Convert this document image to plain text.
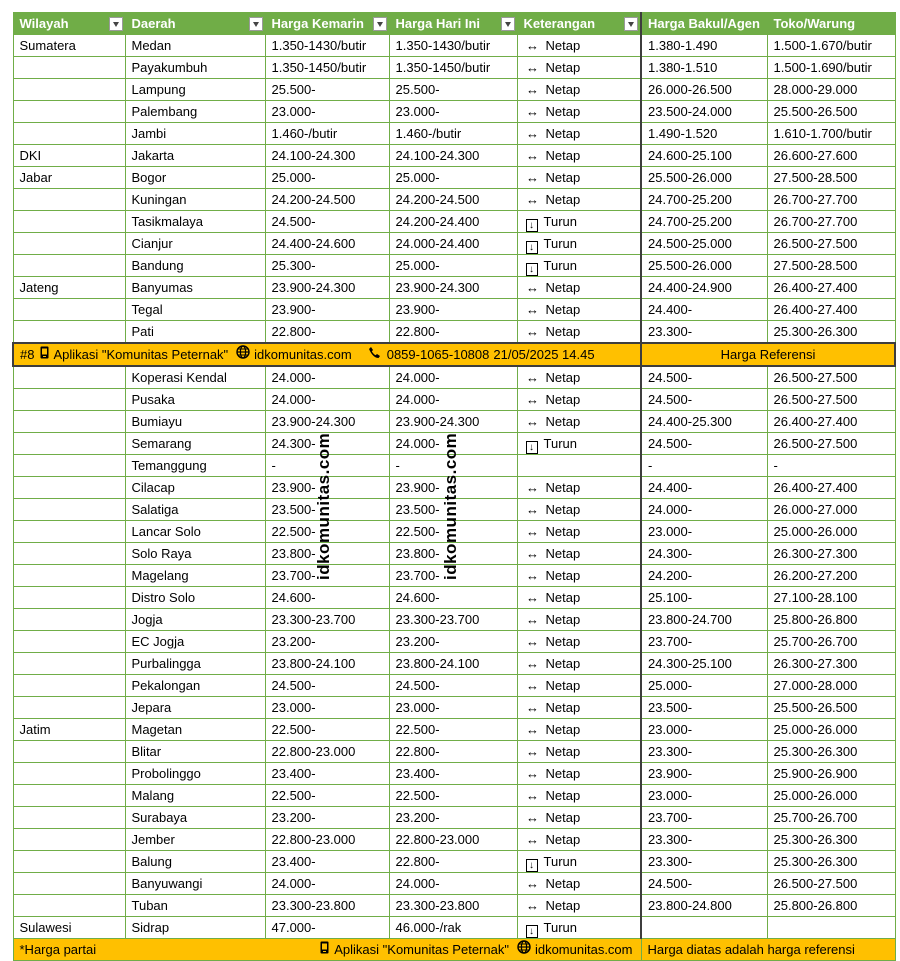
Wilayah	Daerah	Harga Kemarin	Harga Hari Ini	Keterangan	Harga Bakul/Agen	Toko/Warung
Sumatera	Medan	1.350-1430/butir	1.350-1430/butir	↔ Netap	1.380-1.490	1.500-1.670/butir
	Payakumbuh	1.350-1450/butir	1.350-1450/butir	↔ Netap	1.380-1.510	1.500-1.690/butir
	Lampung	25.500-	25.500-	↔ Netap	26.000-26.500	28.000-29.000
	Palembang	23.000-	23.000-	↔ Netap	23.500-24.000	25.500-26.500
	Jambi	1.460-/butir	1.460-/butir	↔ Netap	1.490-1.520	1.610-1.700/butir
DKI	Jakarta	24.100-24.300	24.100-24.300	↔ Netap	24.600-25.100	26.600-27.600
Jabar	Bogor	25.000-	25.000-	↔ Netap	25.500-26.000	27.500-28.500
	Kuningan	24.200-24.500	24.200-24.500	↔ Netap	24.700-25.200	26.700-27.700
	Tasikmalaya	24.500-	24.200-24.400	↓ Turun	24.700-25.200	26.700-27.700
	Cianjur	24.400-24.600	24.000-24.400	↓ Turun	24.500-25.000	26.500-27.500
	Bandung	25.300-	25.000-	↓ Turun	25.500-26.000	27.500-28.500
Jateng	Banyumas	23.900-24.300	23.900-24.300	↔ Netap	24.400-24.900	26.400-27.400
	Tegal	23.900-	23.900-	↔ Netap	24.400-	26.400-27.400
	Pati	22.800-	22.800-	↔ Netap	23.300-	25.300-26.300

#8 Aplikasi "Komunitas Peternak" idkomunitas.com 0859-1065-10808 21/05/2025 14.45					Harga Referensi	
	Koperasi Kendal	24.000-	24.000-	↔ Netap	24.500-	26.500-27.500
	Pusaka	24.000-	24.000-	↔ Netap	24.500-	26.500-27.500
	Bumiayu	23.900-24.300	23.900-24.300	↔ Netap	24.400-25.300	26.400-27.400
	Semarang	24.300-	24.000-	↓ Turun	24.500-	26.500-27.500
	Temanggung	-	-		-	-
	Cilacap	23.900-	23.900-	↔ Netap	24.400-	26.400-27.400
	Salatiga	23.500-	23.500-	↔ Netap	24.000-	26.000-27.000
	Lancar Solo	22.500-	22.500-	↔ Netap	23.000-	25.000-26.000
	Solo Raya	23.800-	23.800-	↔ Netap	24.300-	26.300-27.300
	Magelang	23.700-	23.700-	↔ Netap	24.200-	26.200-27.200
	Distro Solo	24.600-	24.600-	↔ Netap	25.100-	27.100-28.100
	Jogja	23.300-23.700	23.300-23.700	↔ Netap	23.800-24.700	25.800-26.800
	EC Jogja	23.200-	23.200-	↔ Netap	23.700-	25.700-26.700
	Purbalingga	23.800-24.100	23.800-24.100	↔ Netap	24.300-25.100	26.300-27.300
	Pekalongan	24.500-	24.500-	↔ Netap	25.000-	27.000-28.000
	Jepara	23.000-	23.000-	↔ Netap	23.500-	25.500-26.500
Jatim	Magetan	22.500-	22.500-	↔ Netap	23.000-	25.000-26.000
	Blitar	22.800-23.000	22.800-	↔ Netap	23.300-	25.300-26.300
	Probolinggo	23.400-	23.400-	↔ Netap	23.900-	25.900-26.900
	Malang	22.500-	22.500-	↔ Netap	23.000-	25.000-26.000
	Surabaya	23.200-	23.200-	↔ Netap	23.700-	25.700-26.700
	Jember	22.800-23.000	22.800-23.000	↔ Netap	23.300-	25.300-26.300
	Balung	23.400-	22.800-	↓ Turun	23.300-	25.300-26.300
	Banyuwangi	24.000-	24.000-	↔ Netap	24.500-	26.500-27.500
	Tuban	23.300-23.800	23.300-23.800	↔ Netap	23.800-24.800	25.800-26.800
Sulawesi	Sidrap	47.000-	46.000-/rak	↓ Turun		

*Harga partai Aplikasi "Komunitas Peternak" idkomunitas.com					Harga diatas adalah harga referensi	
idkomunitas.com	idkomunitas.com
